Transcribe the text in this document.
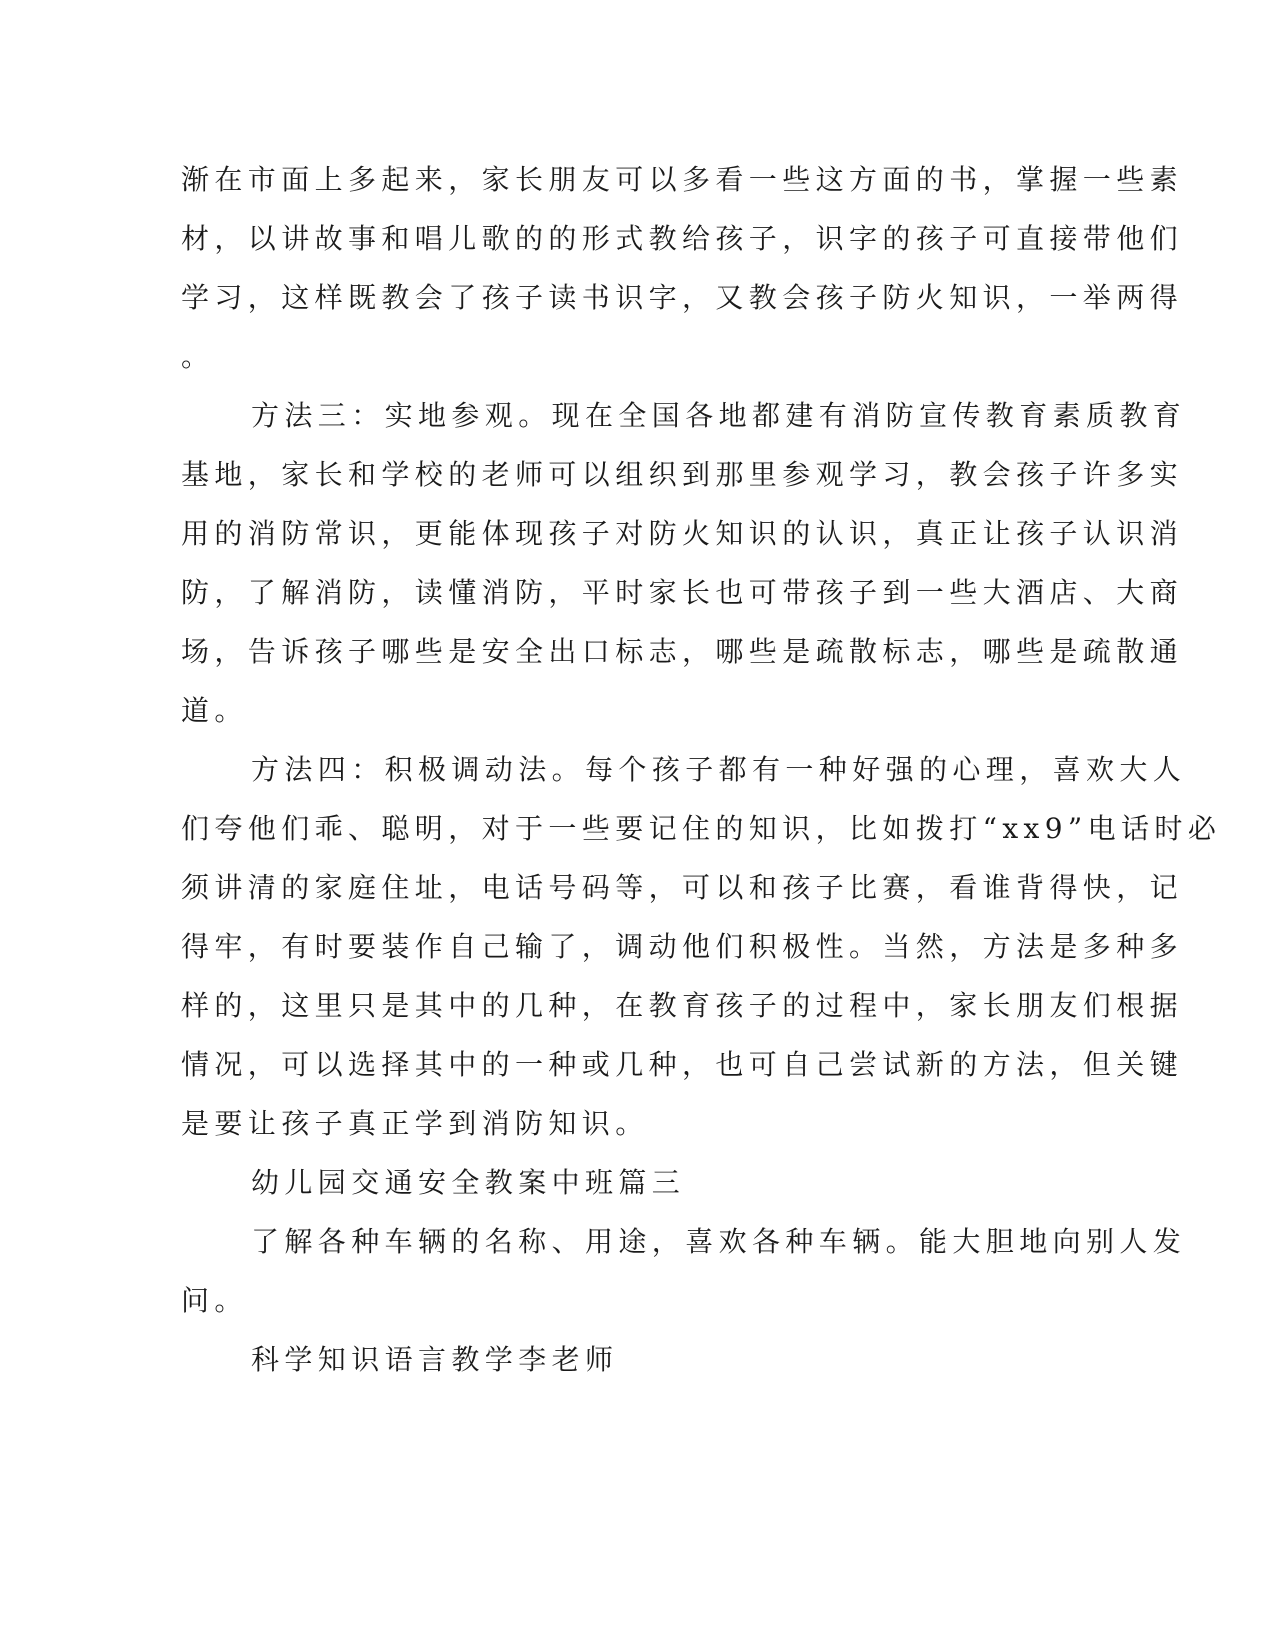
渐在市面上多起来，家长朋友可以多看一些这方面的书，掌握一些素
材，以讲故事和唱儿歌的的形式教给孩子，识字的孩子可直接带他们
学习，这样既教会了孩子读书识字，又教会孩子防火知识，一举两得
。
方法三：实地参观。现在全国各地都建有消防宣传教育素质教育
基地，家长和学校的老师可以组织到那里参观学习，教会孩子许多实
用的消防常识，更能体现孩子对防火知识的认识，真正让孩子认识消
防，了解消防，读懂消防，平时家长也可带孩子到一些大酒店、大商
场，告诉孩子哪些是安全出口标志，哪些是疏散标志，哪些是疏散通
道。
方法四：积极调动法。每个孩子都有一种好强的心理，喜欢大人
们夸他们乖、聪明，对于一些要记住的知识，比如拨打“xx9”电话时必
须讲清的家庭住址，电话号码等，可以和孩子比赛，看谁背得快，记
得牢，有时要装作自己输了，调动他们积极性。当然，方法是多种多
样的，这里只是其中的几种，在教育孩子的过程中，家长朋友们根据
情况，可以选择其中的一种或几种，也可自己尝试新的方法，但关键
是要让孩子真正学到消防知识。
幼儿园交通安全教案中班篇三
了解各种车辆的名称、用途，喜欢各种车辆。能大胆地向别人发
问。
科学知识语言教学李老师
